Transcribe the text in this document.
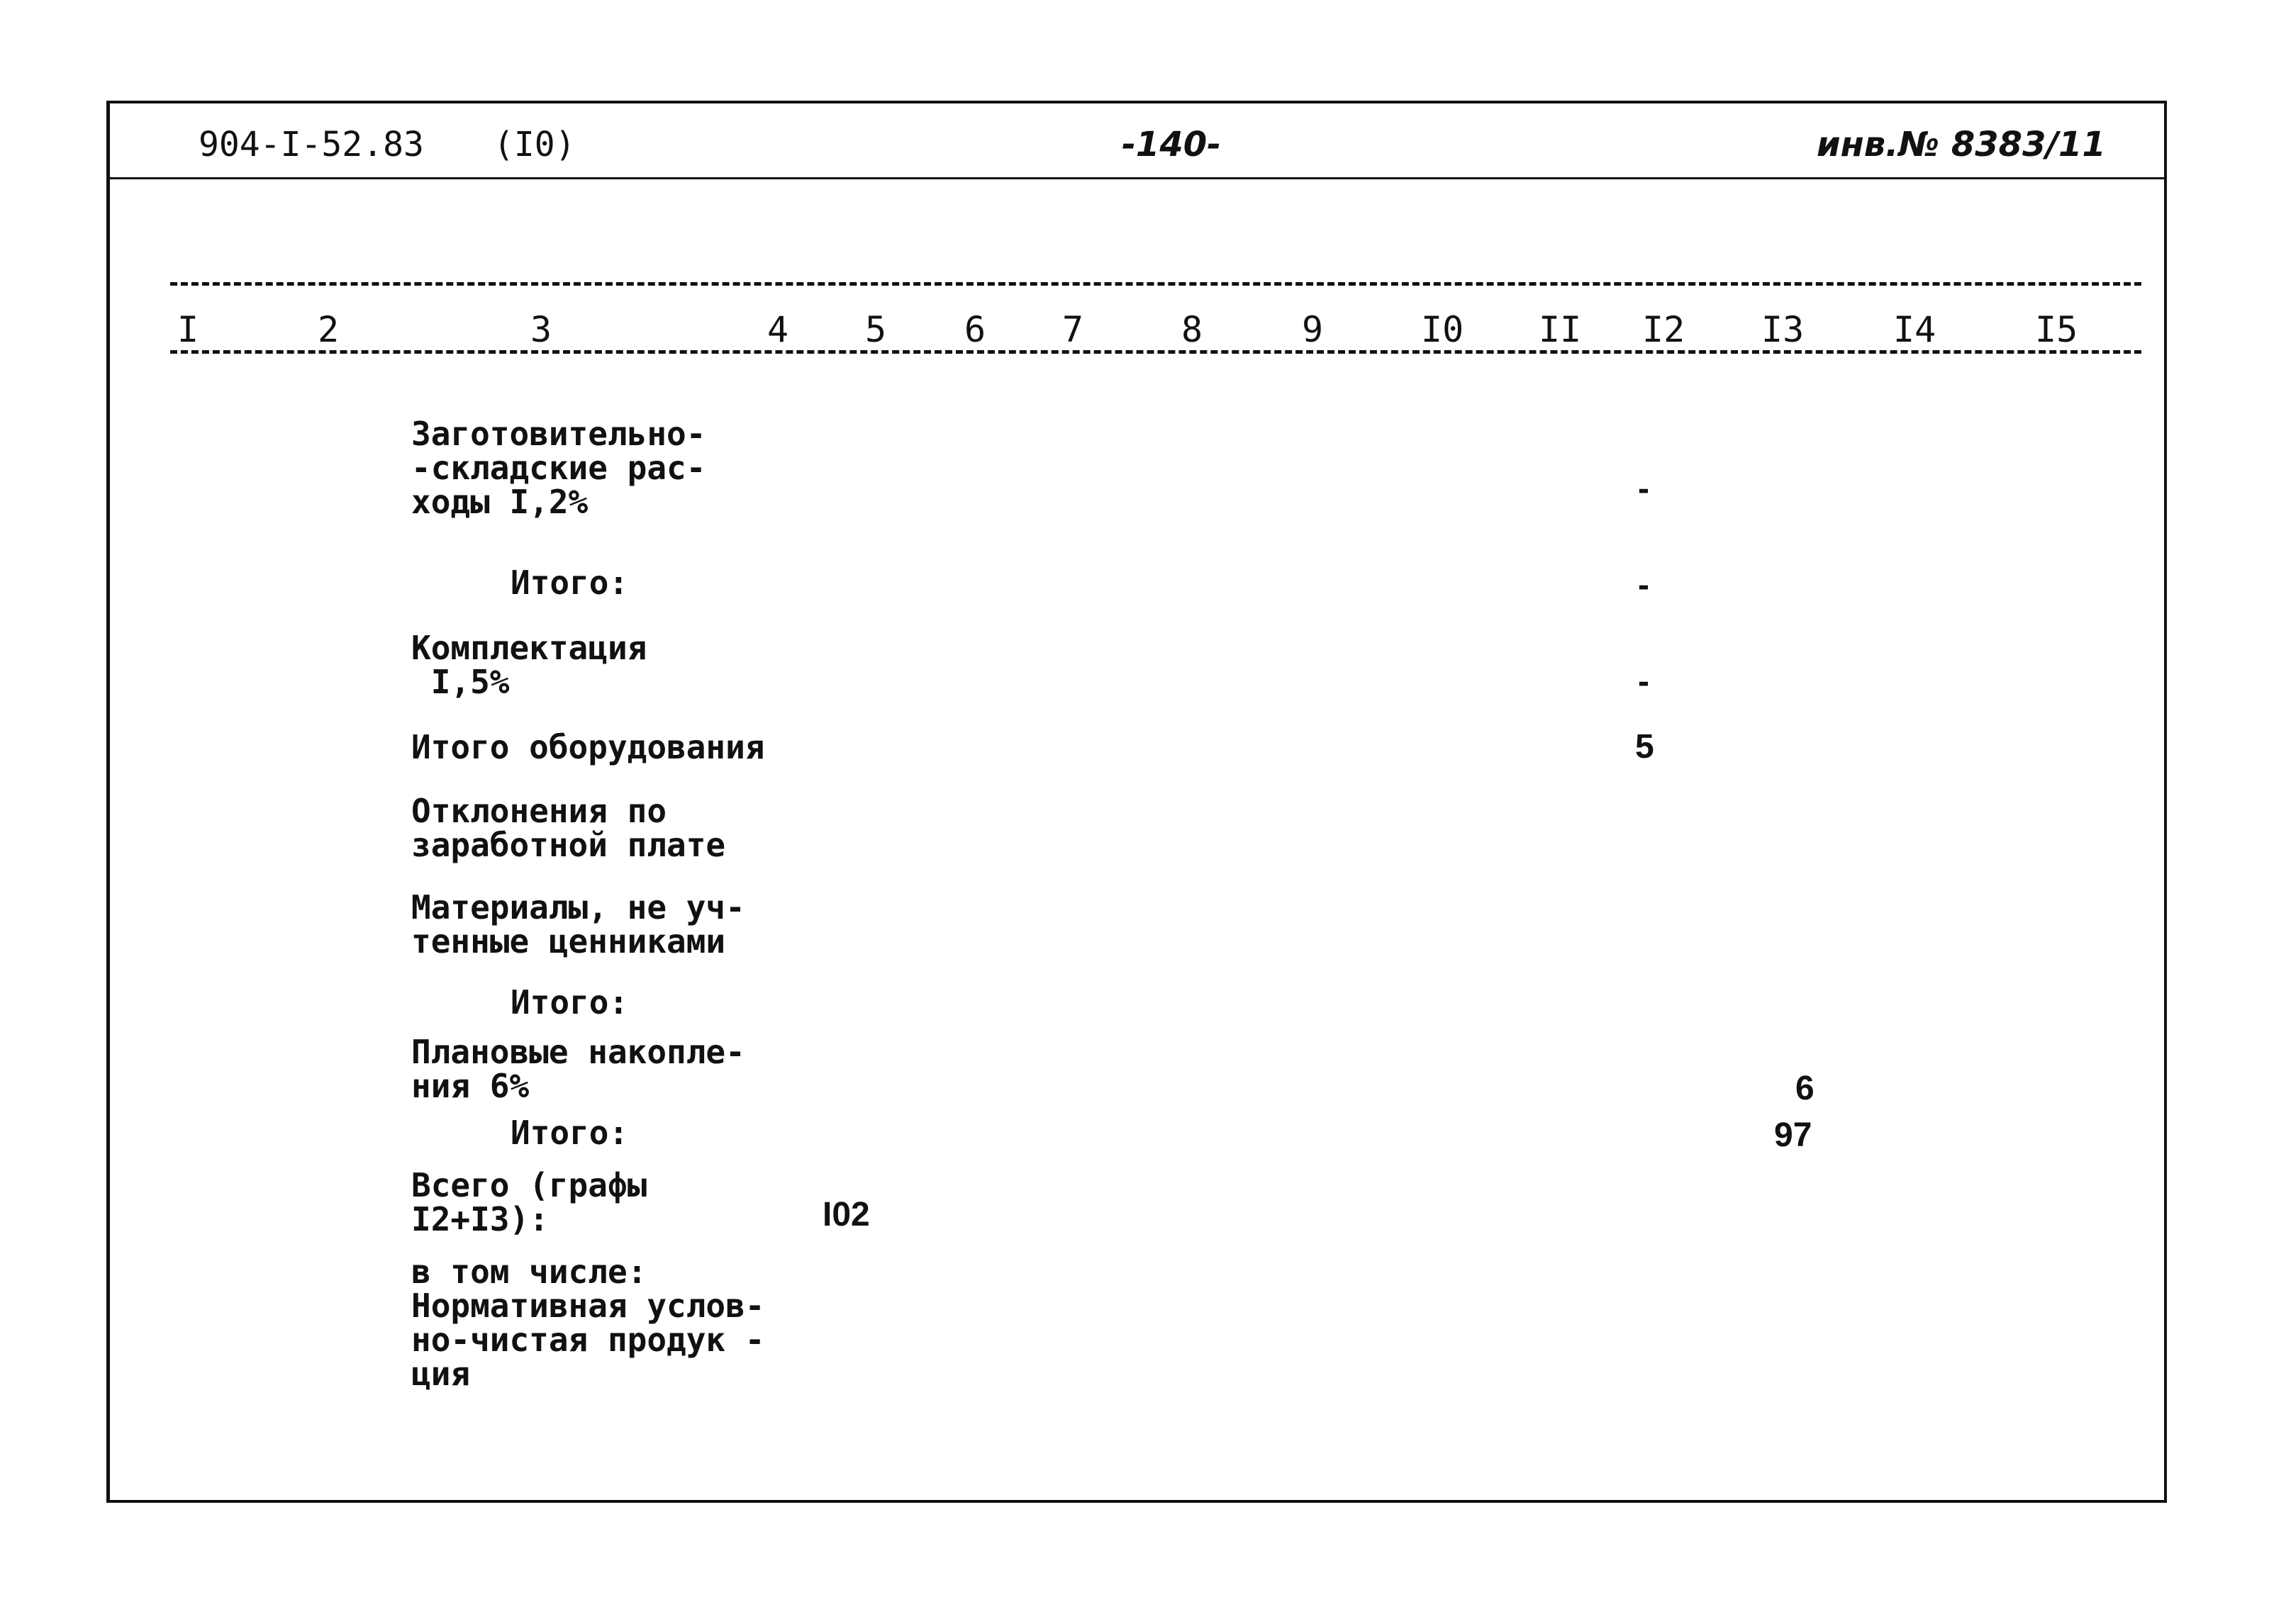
904-I-52.83 (I0)	-140-	инв.№ 8383/11
I	2	3	4 5 6 7	8	9	I0 II I2 I3	I4	I5
Заготовительно-
-складские рас-
ходы I,2%	-
Итого:	-
Комплектация
I,5%	-
Итого оборудования	5
Отклонения по
заработной плате
Материалы, не уч-
тенные ценниками
Итого:
Плановые накопле-
ния 6%	6
Итого:	97
Всего (графы
I2+I3):	I02
в том числе:
Нормативная услов-
но-чистая продук -
ция
